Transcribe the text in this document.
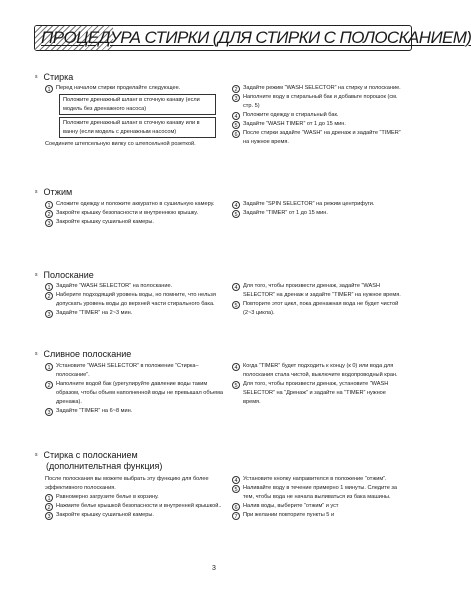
ПРОЦЕДУРА СТИРКИ (ДЛЯ СТИРКИ С ПОЛОСКАНИЕМ)
s Стирка
1 Перед началом стирки проделайте следующее.
Положите дренажный шланг в сточную канаву (если модель без дренажного насоса)
Положите дренажный шланг в сточную канаву или в ванну (если модель с дренажным насосом)
Соедините штепсельную вилку со штепсельной розеткой.
2 Задайте режим “WASH SELECTOR” на стирку и полоскание.
3 Наполните воду в стиральный бак и добавьте порошок (см. стр. 5)
4 Положите одежду в стиральный бак.
5 Задайте “WASH TIMER” от 1 до 15 мин.
6 После стирки задайте “WASH” на дренаж и задайте “TIMER” на нужное время.
s Отжим
1 Сложите одежду и положите аккуратно в сушильную камеру.
2 Закройте крышку безопасности и внутреннюю крышку.
3 Закройте крышку сушильной камеры.
4 Задайте “SPIN SELECTOR” на режим центрифуги.
5 Задайте “TIMER” от 1 до 15 мин.
s Полоскание
1 Задайте “WASH SELECTOR” на полоскание.
2 Наберите подходящий уровень воды, но помните, что нельзя допускать уровень воды до верхней части стирального бака.
3 Задайте “TIMER” на 2~3 мин.
4 Для того, чтобы произвести дренаж, задайте “WASH SELECTOR” на дренаж и задайте “TIMER” на нужное время.
5 Повторите этот цикл, пока дренажная вода не будет чистой (2~3 цикла).
s Сливное полоскание
1 Установите “WASH SELECTOR” в положение “Стирка–полоскание”.
2 Наполните водой бак (урегулируйте давление воды таким образом, чтобы объем наполненной воды не превышал объема дренажа).
3 Задайте “TIMER” на 6~8 мин.
4 Когда “TIMER” будет подходить к концу (к 0) или вода для полоскания стала чистой, выключите водопроводный кран.
5 Для того, чтобы произвести дренаж, установите “WASH SELECTOR” на “Дренаж” и задайте на “TIMER” нужное время.
s Стирка с полосканием
(дополнительтная функция)
После полоскания вы можете выбрать эту функцию для более эффективного полоскания.
1 Равномерно загрузите белье в корзину.
2 Нажмите белье крышкой безопасности и внутренней крышкой..
3 Закройте крышку сушильной камеры.
4 Установите кнопку направителся в положение “отжим”.
5 Наливайте воду в течение примерно 1 минуты. Следите за тем, чтобы вода не начала выливаться из бака машины.
6 Налив воды, выберите “отжим” и уст
7 При желании повторите пункты 5 и
3
